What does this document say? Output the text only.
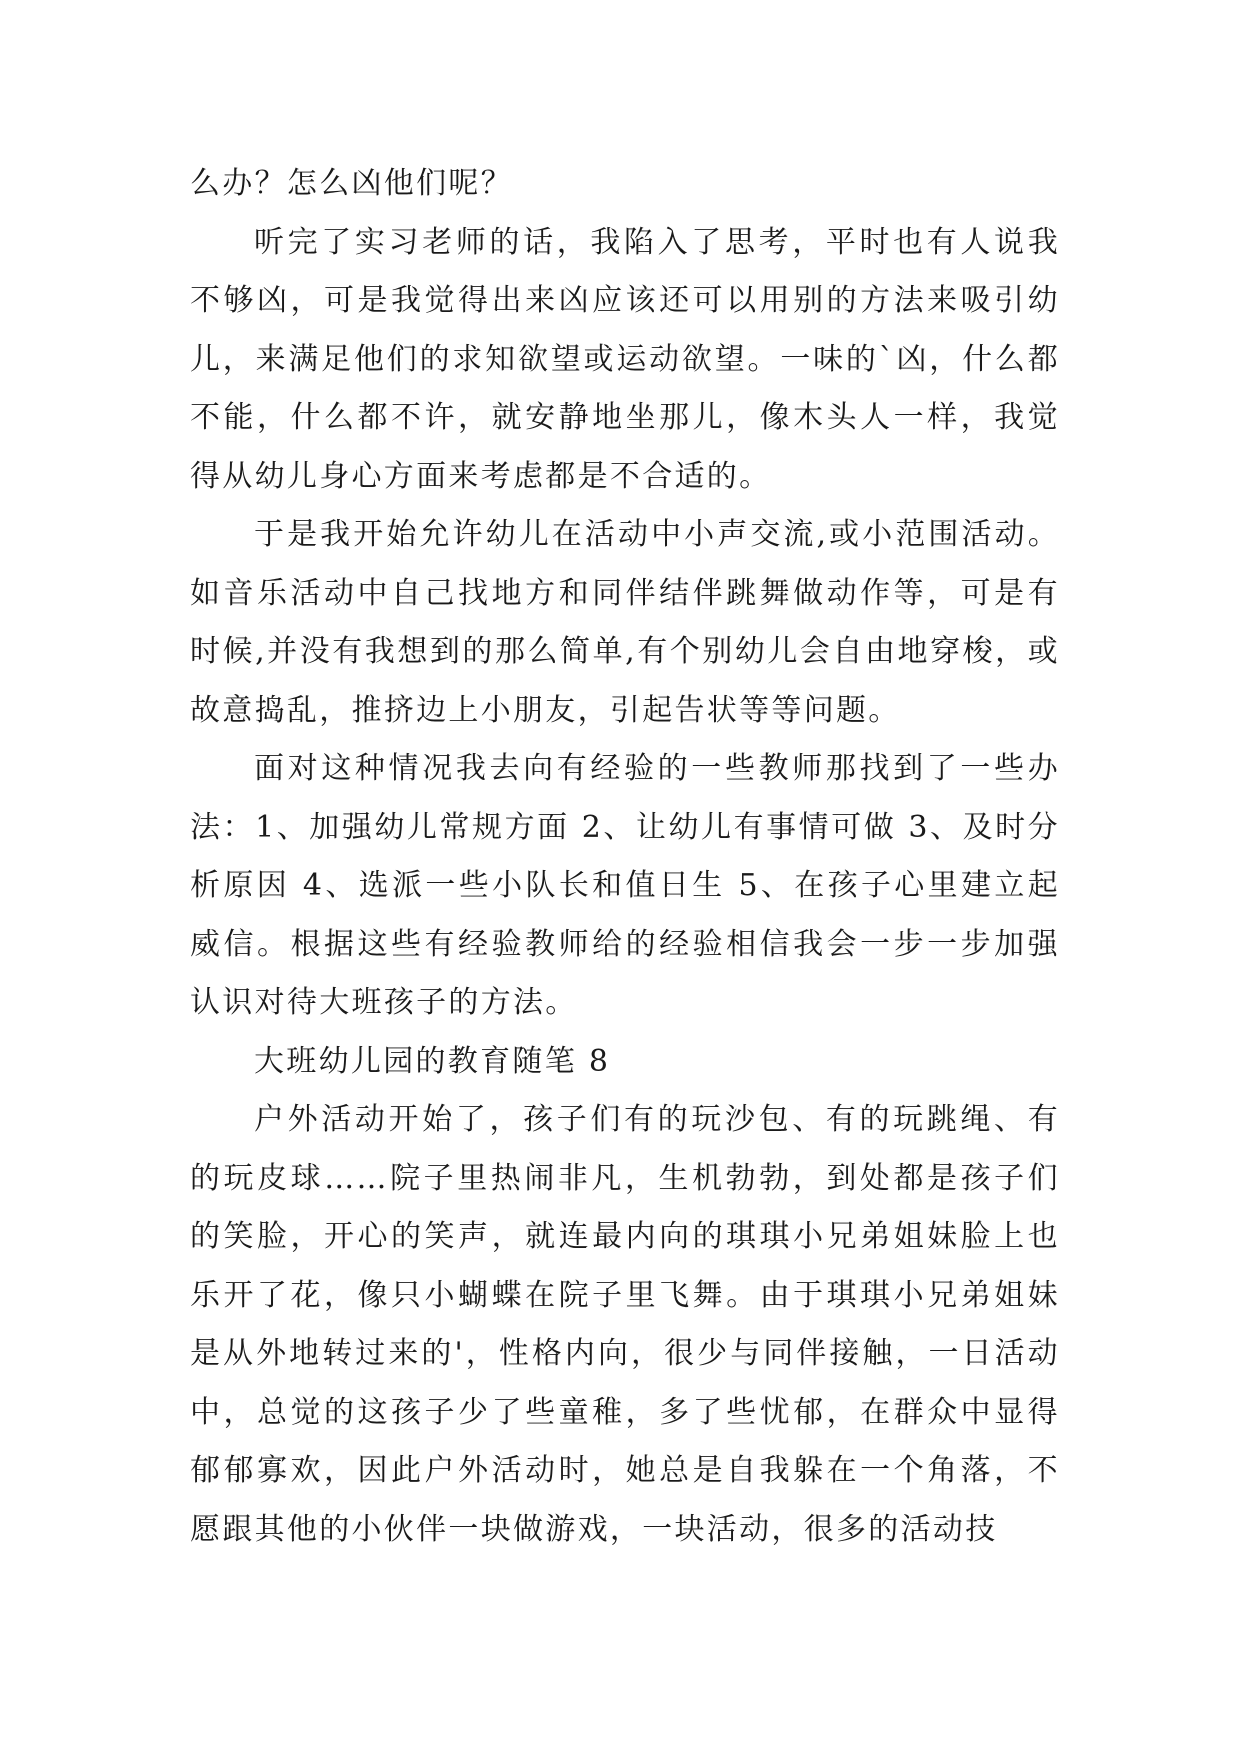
么办？怎么凶他们呢？

听完了实习老师的话，我陷入了思考，平时也有人说我不够凶，可是我觉得出来凶应该还可以用别的方法来吸引幼儿，来满足他们的求知欲望或运动欲望。一味的`凶，什么都不能，什么都不许，就安静地坐那儿，像木头人一样，我觉得从幼儿身心方面来考虑都是不合适的。

于是我开始允许幼儿在活动中小声交流,或小范围活动。如音乐活动中自己找地方和同伴结伴跳舞做动作等，可是有时候,并没有我想到的那么简单,有个别幼儿会自由地穿梭，或故意捣乱，推挤边上小朋友，引起告状等等问题。

面对这种情况我去向有经验的一些教师那找到了一些办法：1、加强幼儿常规方面 2、让幼儿有事情可做 3、及时分析原因 4、选派一些小队长和值日生 5、在孩子心里建立起威信。根据这些有经验教师给的经验相信我会一步一步加强认识对待大班孩子的方法。

大班幼儿园的教育随笔 8

户外活动开始了，孩子们有的玩沙包、有的玩跳绳、有的玩皮球……院子里热闹非凡，生机勃勃，到处都是孩子们的笑脸，开心的笑声，就连最内向的琪琪小兄弟姐妹脸上也乐开了花，像只小蝴蝶在院子里飞舞。由于琪琪小兄弟姐妹是从外地转过来的'，性格内向，很少与同伴接触，一日活动中，总觉的这孩子少了些童稚，多了些忧郁，在群众中显得郁郁寡欢，因此户外活动时，她总是自我躲在一个角落，不愿跟其他的小伙伴一块做游戏，一块活动，很多的活动技
